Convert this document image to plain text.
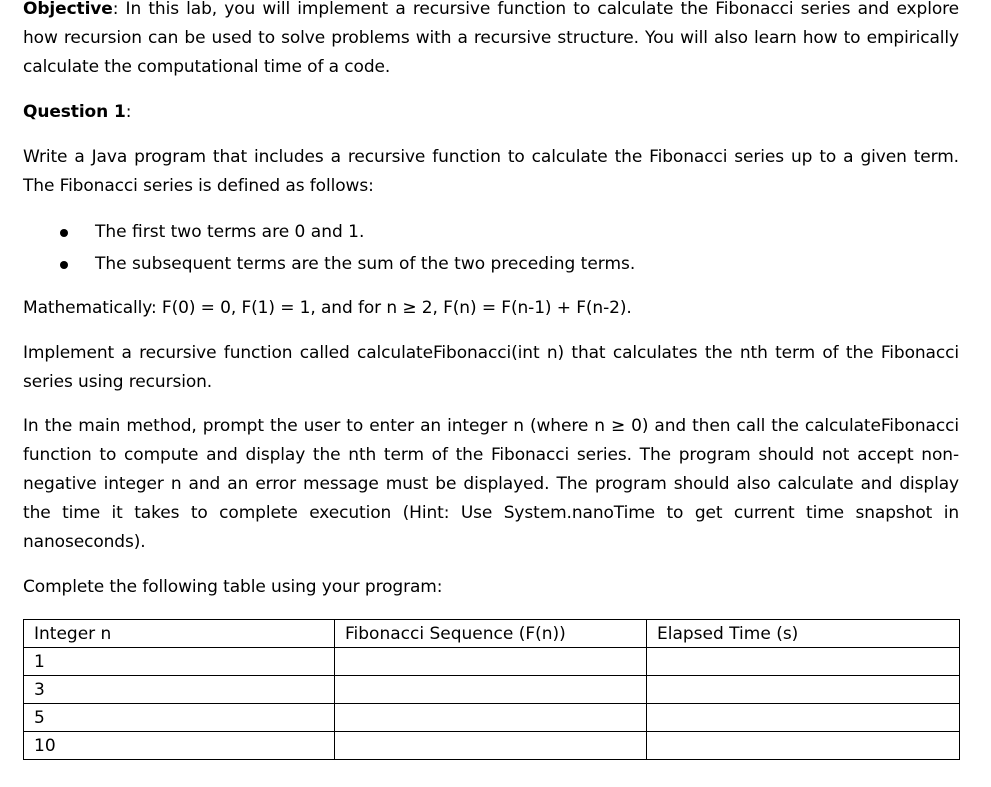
Objective: In this lab, you will implement a recursive function to calculate the Fibonacci series and explore how recursion can be used to solve problems with a recursive structure. You will also learn how to empirically calculate the computational time of a code.

Question 1:

Write a Java program that includes a recursive function to calculate the Fibonacci series up to a given term. The Fibonacci series is defined as follows:

The first two terms are 0 and 1.
The subsequent terms are the sum of the two preceding terms.

Mathematically: F(0) = 0, F(1) = 1, and for n ≥ 2, F(n) = F(n-1) + F(n-2).

Implement a recursive function called calculateFibonacci(int n) that calculates the nth term of the Fibonacci series using recursion.

In the main method, prompt the user to enter an integer n (where n ≥ 0) and then call the calculateFibonacci function to compute and display the nth term of the Fibonacci series. The program should not accept non-negative integer n and an error message must be displayed. The program should also calculate and display the time it takes to complete execution (Hint: Use System.nanoTime to get current time snapshot in nanoseconds).

Complete the following table using your program:

Integer n	Fibonacci Sequence (F(n))	Elapsed Time (s)
1		
3		
5		
10		
